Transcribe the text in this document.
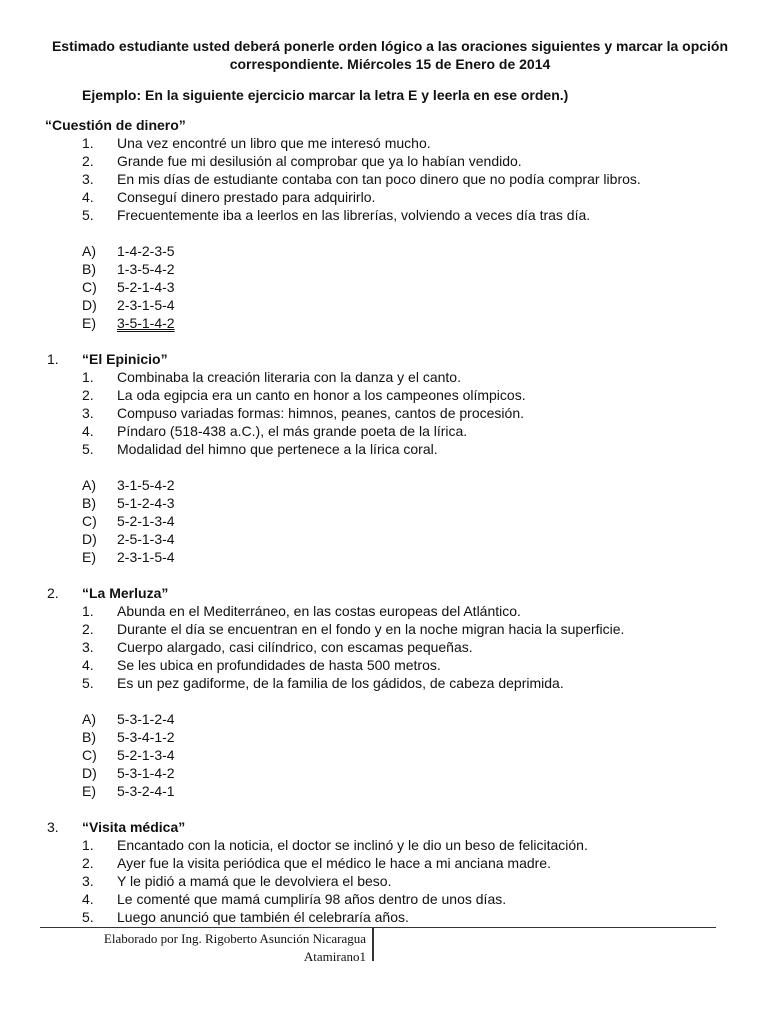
Estimado estudiante usted deberá ponerle orden lógico a las oraciones siguientes y marcar la opción
correspondiente. Miércoles 15 de Enero de 2014
Ejemplo: En la siguiente ejercicio marcar la letra E y leerla en ese orden.)
“Cuestión de dinero”
1. Una vez encontré un libro que me interesó mucho.
2. Grande fue mi desilusión al comprobar que ya lo habían vendido.
3. En mis días de estudiante contaba con tan poco dinero que no podía comprar libros.
4. Conseguí dinero prestado para adquirirlo.
5. Frecuentemente iba a leerlos en las librerías, volviendo a veces día tras día.
A) 1-4-2-3-5
B) 1-3-5-4-2
C) 5-2-1-4-3
D) 2-3-1-5-4
E) 3-5-1-4-2
1. “El Epinicio”
1. Combinaba la creación literaria con la danza y el canto.
2. La oda egipcia era un canto en honor a los campeones olímpicos.
3. Compuso variadas formas: himnos, peanes, cantos de procesión.
4. Píndaro (518-438 a.C.), el más grande poeta de la lírica.
5. Modalidad del himno que pertenece a la lírica coral.
A) 3-1-5-4-2
B) 5-1-2-4-3
C) 5-2-1-3-4
D) 2-5-1-3-4
E) 2-3-1-5-4
2. “La Merluza”
1. Abunda en el Mediterráneo, en las costas europeas del Atlántico.
2. Durante el día se encuentran en el fondo y en la noche migran hacia la superficie.
3. Cuerpo alargado, casi cilíndrico, con escamas pequeñas.
4. Se les ubica en profundidades de hasta 500 metros.
5. Es un pez gadiforme, de la familia de los gádidos, de cabeza deprimida.
A) 5-3-1-2-4
B) 5-3-4-1-2
C) 5-2-1-3-4
D) 5-3-1-4-2
E) 5-3-2-4-1
3. “Visita médica”
1. Encantado con la noticia, el doctor se inclinó y le dio un beso de felicitación.
2. Ayer fue la visita periódica que el médico le hace a mi anciana madre.
3. Y le pidió a mamá que le devolviera el beso.
4. Le comenté que mamá cumpliría 98 años dentro de unos días.
5. Luego anunció que también él celebraría años.
Elaborado por Ing. Rigoberto Asunción Nicaragua
Atamirano1
